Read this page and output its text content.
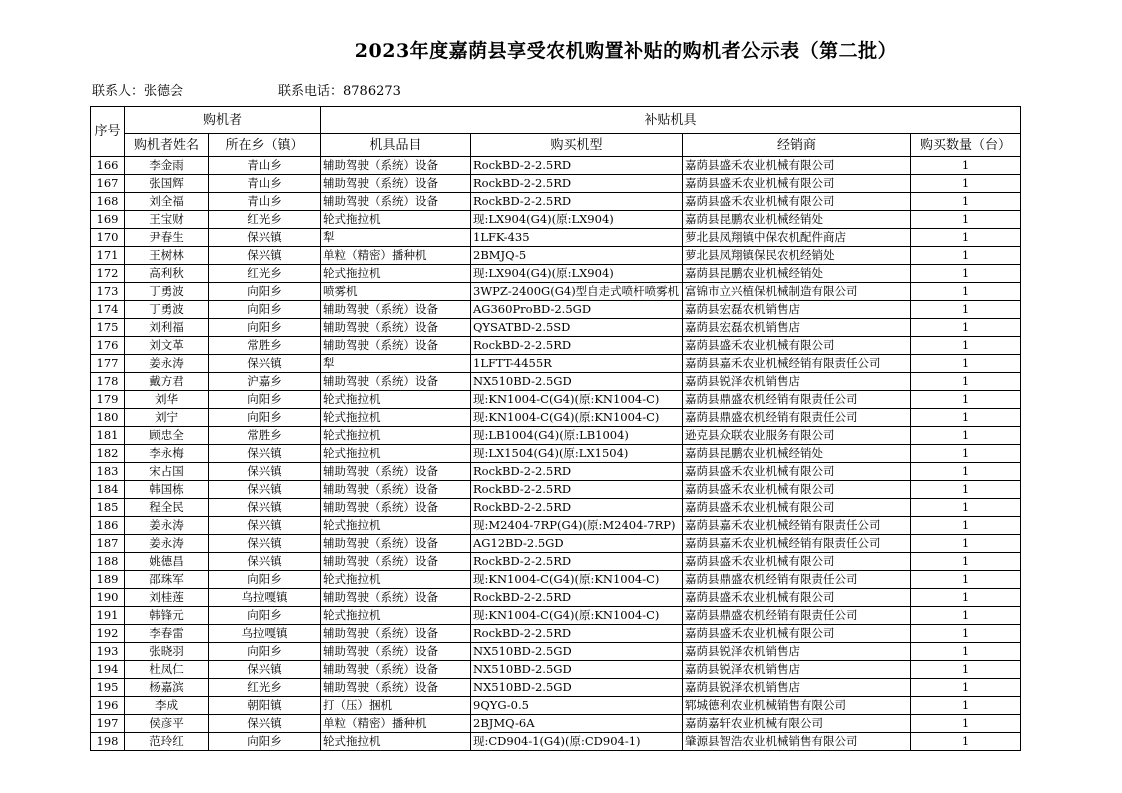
2023年度嘉荫县享受农机购置补贴的购机者公示表（第二批）
联系人：张德会	联系电话：8786273
序号	购机者		补贴机具			
	购机者姓名	所在乡（镇）	机具品目	购买机型	经销商	购买数量（台）
166	李金雨	青山乡	辅助驾驶（系统）设备	RockBD-2-2.5RD	嘉荫县盛禾农业机械有限公司	1
167	张国辉	青山乡	辅助驾驶（系统）设备	RockBD-2-2.5RD	嘉荫县盛禾农业机械有限公司	1
168	刘全福	青山乡	辅助驾驶（系统）设备	RockBD-2-2.5RD	嘉荫县盛禾农业机械有限公司	1
169	王宝财	红光乡	轮式拖拉机	现:LX904(G4)(原:LX904)	嘉荫县昆鹏农业机械经销处	1
170	尹春生	保兴镇	犁	1LFK-435	萝北县凤翔镇中保农机配件商店	1
171	王树林	保兴镇	单粒（精密）播种机	2BMJQ-5	萝北县凤翔镇保民农机经销处	1
172	高利秋	红光乡	轮式拖拉机	现:LX904(G4)(原:LX904)	嘉荫县昆鹏农业机械经销处	1
173	丁勇波	向阳乡	喷雾机	3WPZ-2400G(G4)型自走式喷杆喷雾机	富锦市立兴植保机械制造有限公司	1
174	丁勇波	向阳乡	辅助驾驶（系统）设备	AG360ProBD-2.5GD	嘉荫县宏磊农机销售店	1
175	刘利福	向阳乡	辅助驾驶（系统）设备	QYSATBD-2.5SD	嘉荫县宏磊农机销售店	1
176	刘文革	常胜乡	辅助驾驶（系统）设备	RockBD-2-2.5RD	嘉荫县盛禾农业机械有限公司	1
177	姜永涛	保兴镇	犁	1LFTT-4455R	嘉荫县嘉禾农业机械经销有限责任公司	1
178	戴方君	沪嘉乡	辅助驾驶（系统）设备	NX510BD-2.5GD	嘉荫县锐泽农机销售店	1
179	刘华	向阳乡	轮式拖拉机	现:KN1004-C(G4)(原:KN1004-C)	嘉荫县鼎盛农机经销有限责任公司	1
180	刘宁	向阳乡	轮式拖拉机	现:KN1004-C(G4)(原:KN1004-C)	嘉荫县鼎盛农机经销有限责任公司	1
181	顾忠全	常胜乡	轮式拖拉机	现:LB1004(G4)(原:LB1004)	逊克县众联农业服务有限公司	1
182	李永梅	保兴镇	轮式拖拉机	现:LX1504(G4)(原:LX1504)	嘉荫县昆鹏农业机械经销处	1
183	宋占国	保兴镇	辅助驾驶（系统）设备	RockBD-2-2.5RD	嘉荫县盛禾农业机械有限公司	1
184	韩国栋	保兴镇	辅助驾驶（系统）设备	RockBD-2-2.5RD	嘉荫县盛禾农业机械有限公司	1
185	程全民	保兴镇	辅助驾驶（系统）设备	RockBD-2-2.5RD	嘉荫县盛禾农业机械有限公司	1
186	姜永涛	保兴镇	轮式拖拉机	现:M2404-7RP(G4)(原:M2404-7RP)	嘉荫县嘉禾农业机械经销有限责任公司	1
187	姜永涛	保兴镇	辅助驾驶（系统）设备	AG12BD-2.5GD	嘉荫县嘉禾农业机械经销有限责任公司	1
188	姚德昌	保兴镇	辅助驾驶（系统）设备	RockBD-2-2.5RD	嘉荫县盛禾农业机械有限公司	1
189	邵珠军	向阳乡	轮式拖拉机	现:KN1004-C(G4)(原:KN1004-C)	嘉荫县鼎盛农机经销有限责任公司	1
190	刘桂莲	乌拉嘎镇	辅助驾驶（系统）设备	RockBD-2-2.5RD	嘉荫县盛禾农业机械有限公司	1
191	韩锋元	向阳乡	轮式拖拉机	现:KN1004-C(G4)(原:KN1004-C)	嘉荫县鼎盛农机经销有限责任公司	1
192	李春雷	乌拉嘎镇	辅助驾驶（系统）设备	RockBD-2-2.5RD	嘉荫县盛禾农业机械有限公司	1
193	张晓羽	向阳乡	辅助驾驶（系统）设备	NX510BD-2.5GD	嘉荫县锐泽农机销售店	1
194	杜凤仁	保兴镇	辅助驾驶（系统）设备	NX510BD-2.5GD	嘉荫县锐泽农机销售店	1
195	杨嘉滨	红光乡	辅助驾驶（系统）设备	NX510BD-2.5GD	嘉荫县锐泽农机销售店	1
196	李成	朝阳镇	打（压）捆机	9QYG-0.5	郓城德利农业机械销售有限公司	1
197	侯彦平	保兴镇	单粒（精密）播种机	2BJMQ-6A	嘉荫嘉轩农业机械有限公司	1
198	范玲红	向阳乡	轮式拖拉机	现:CD904-1(G4)(原:CD904-1)	肇源县智浩农业机械销售有限公司	1
